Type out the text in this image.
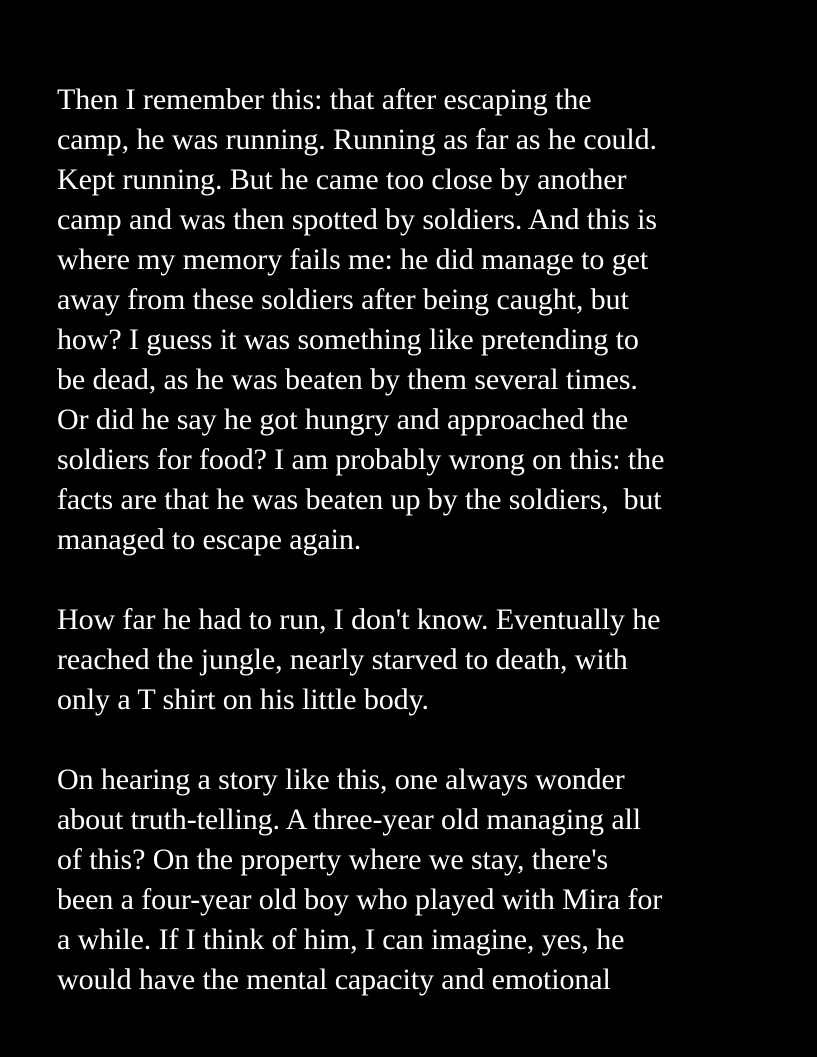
Then I remember this: that after escaping the
camp, he was running. Running as far as he could.
Kept running. But he came too close by another
camp and was then spotted by soldiers. And this is
where my memory fails me: he did manage to get
away from these soldiers after being caught, but
how? I guess it was something like pretending to
be dead, as he was beaten by them several times.
Or did he say he got hungry and approached the
soldiers for food? I am probably wrong on this: the
facts are that he was beaten up by the soldiers,  but
managed to escape again.
How far he had to run, I don't know. Eventually he
reached the jungle, nearly starved to death, with
only a T shirt on his little body.
On hearing a story like this, one always wonder
about truth-telling. A three-year old managing all
of this? On the property where we stay, there's
been a four-year old boy who played with Mira for
a while. If I think of him, I can imagine, yes, he
would have the mental capacity and emotional
